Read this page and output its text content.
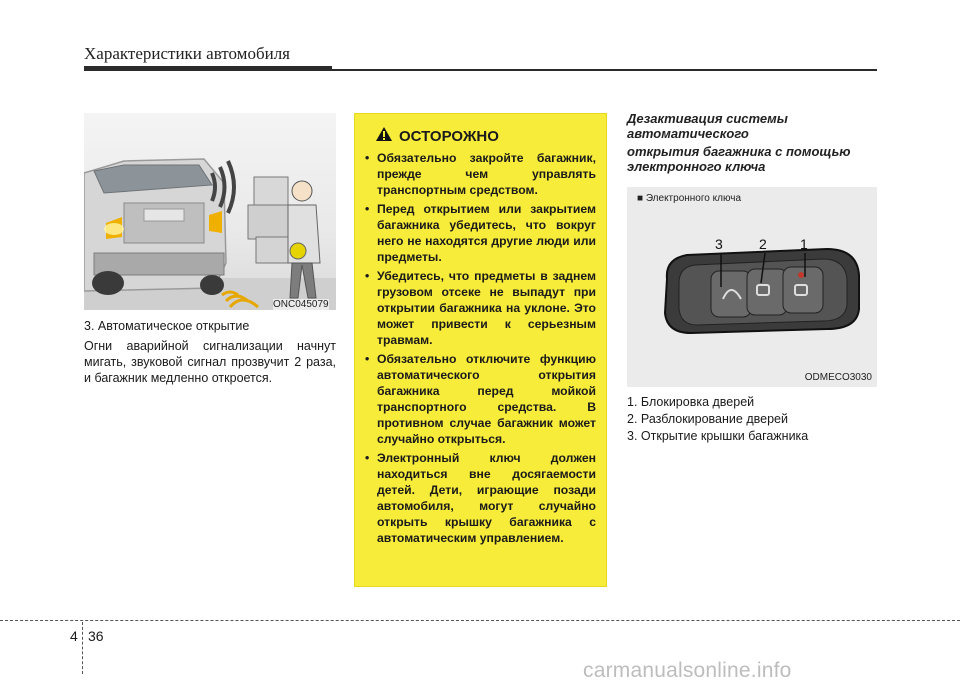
Характеристики автомобиля
ONC045079

3. Автоматическое открытие

Огни аварийной сигнализации начнут мигать, звуковой сигнал прозвучит 2 раза, и багажник медленно откроется.

ОСТОРОЖНО
• Обязательно закройте багажник, прежде чем управлять транспортным средством.
• Перед открытием или закрытием багажника убедитесь, что вокруг него не находятся другие люди или предметы.
• Убедитесь, что предметы в заднем грузовом отсеке не выпадут при открытии багажника на уклоне. Это может привести к серьезным травмам.
• Обязательно отключите функцию автоматического открытия багажника перед мойкой транспортного средства. В противном случае багажник может случайно открыться.
• Электронный ключ должен находиться вне досягаемости детей. Дети, играющие позади автомобиля, могут случайно открыть крышку багажника с автоматическим управлением.

Дезактивация системы автоматического

открытия багажника с помощью электронного ключа

■ Электронного ключа
3	2 1
ODMECO3030
1. Блокировка дверей
2. Разблокирование дверей
3. Открытие крышки багажника
4 36
carmanualsonline.info
